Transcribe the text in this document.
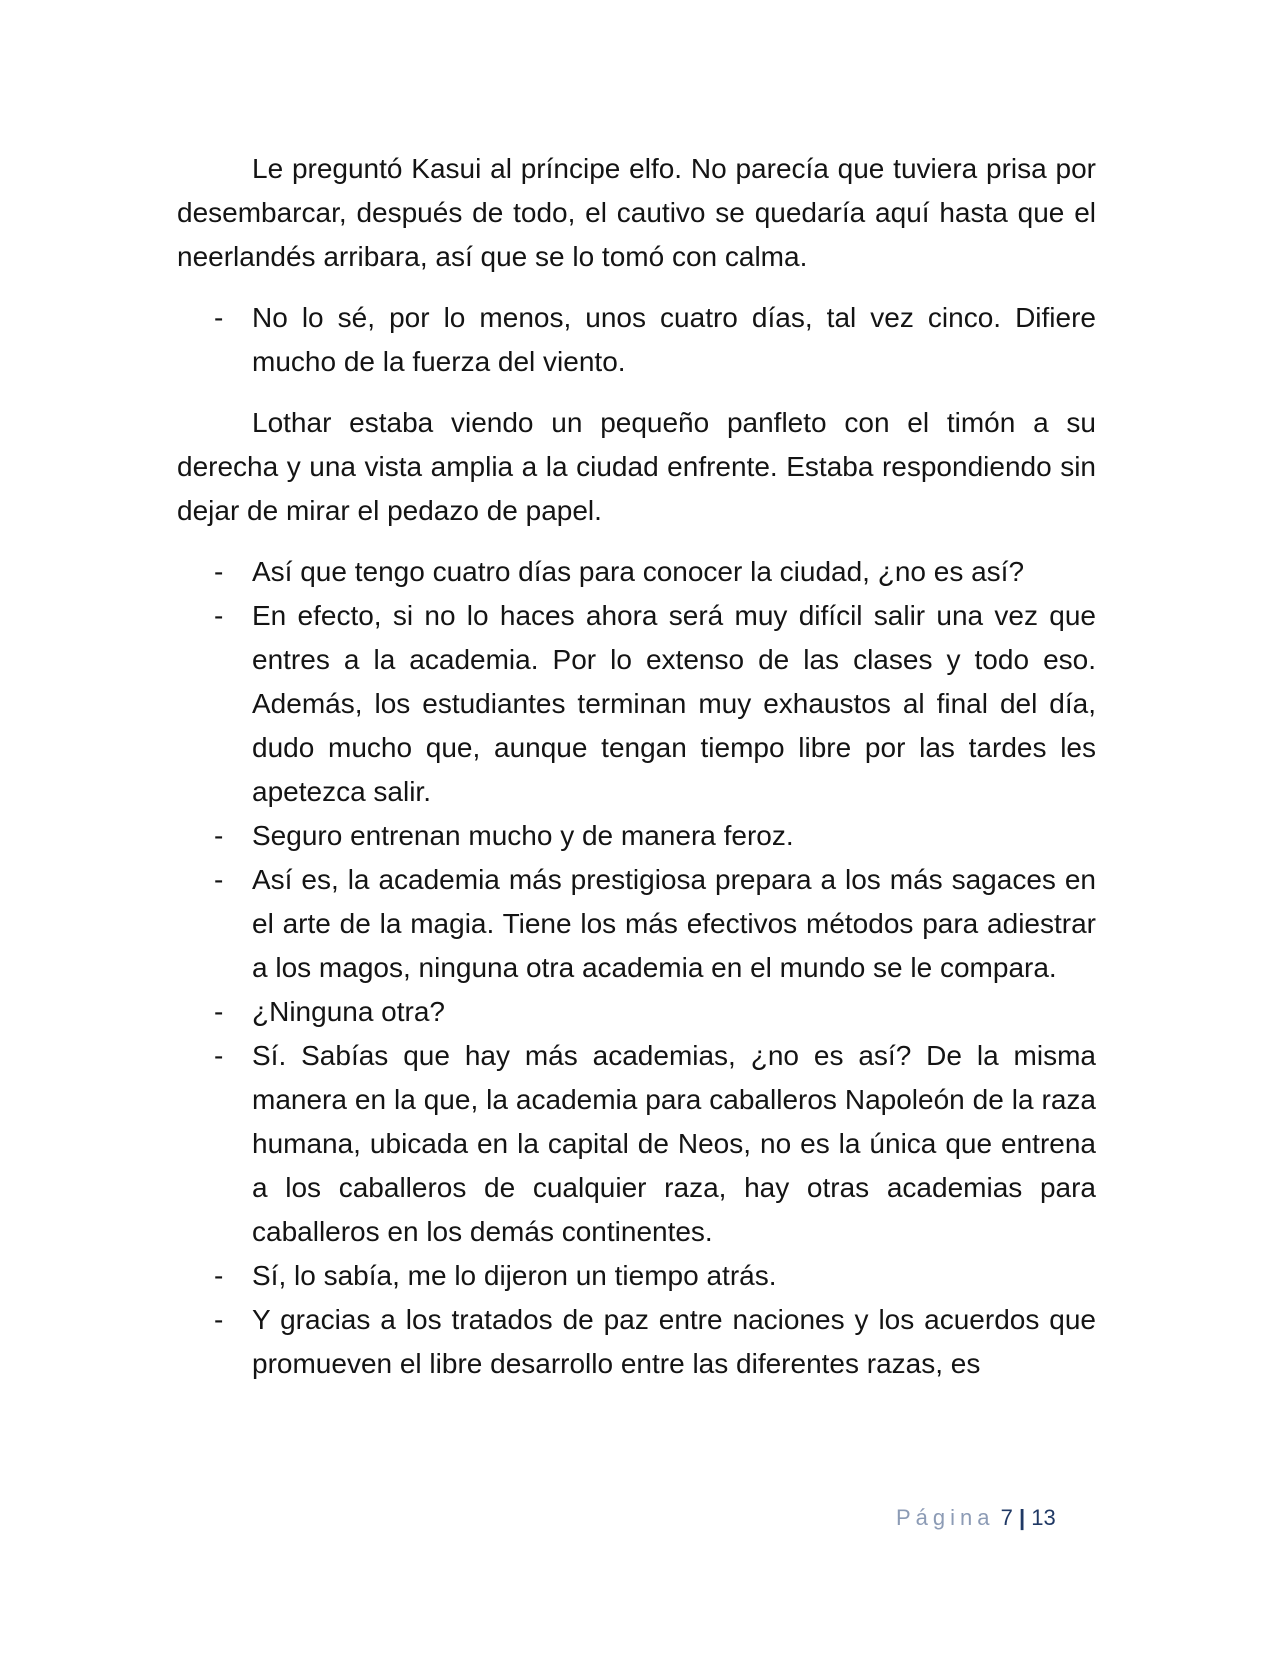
Le preguntó Kasui al príncipe elfo. No parecía que tuviera prisa por desembarcar, después de todo, el cautivo se quedaría aquí hasta que el neerlandés arribara, así que se lo tomó con calma.

- No lo sé, por lo menos, unos cuatro días, tal vez cinco. Difiere mucho de la fuerza del viento.

Lothar estaba viendo un pequeño panfleto con el timón a su derecha y una vista amplia a la ciudad enfrente. Estaba respondiendo sin dejar de mirar el pedazo de papel.

- Así que tengo cuatro días para conocer la ciudad, ¿no es así?
- En efecto, si no lo haces ahora será muy difícil salir una vez que entres a la academia. Por lo extenso de las clases y todo eso. Además, los estudiantes terminan muy exhaustos al final del día, dudo mucho que, aunque tengan tiempo libre por las tardes les apetezca salir.
- Seguro entrenan mucho y de manera feroz.
- Así es, la academia más prestigiosa prepara a los más sagaces en el arte de la magia. Tiene los más efectivos métodos para adiestrar a los magos, ninguna otra academia en el mundo se le compara.
- ¿Ninguna otra?
- Sí. Sabías que hay más academias, ¿no es así? De la misma manera en la que, la academia para caballeros Napoleón de la raza humana, ubicada en la capital de Neos, no es la única que entrena a los caballeros de cualquier raza, hay otras academias para caballeros en los demás continentes.
- Sí, lo sabía, me lo dijeron un tiempo atrás.
- Y gracias a los tratados de paz entre naciones y los acuerdos que promueven el libre desarrollo entre las diferentes razas, es
Página 7 | 13
